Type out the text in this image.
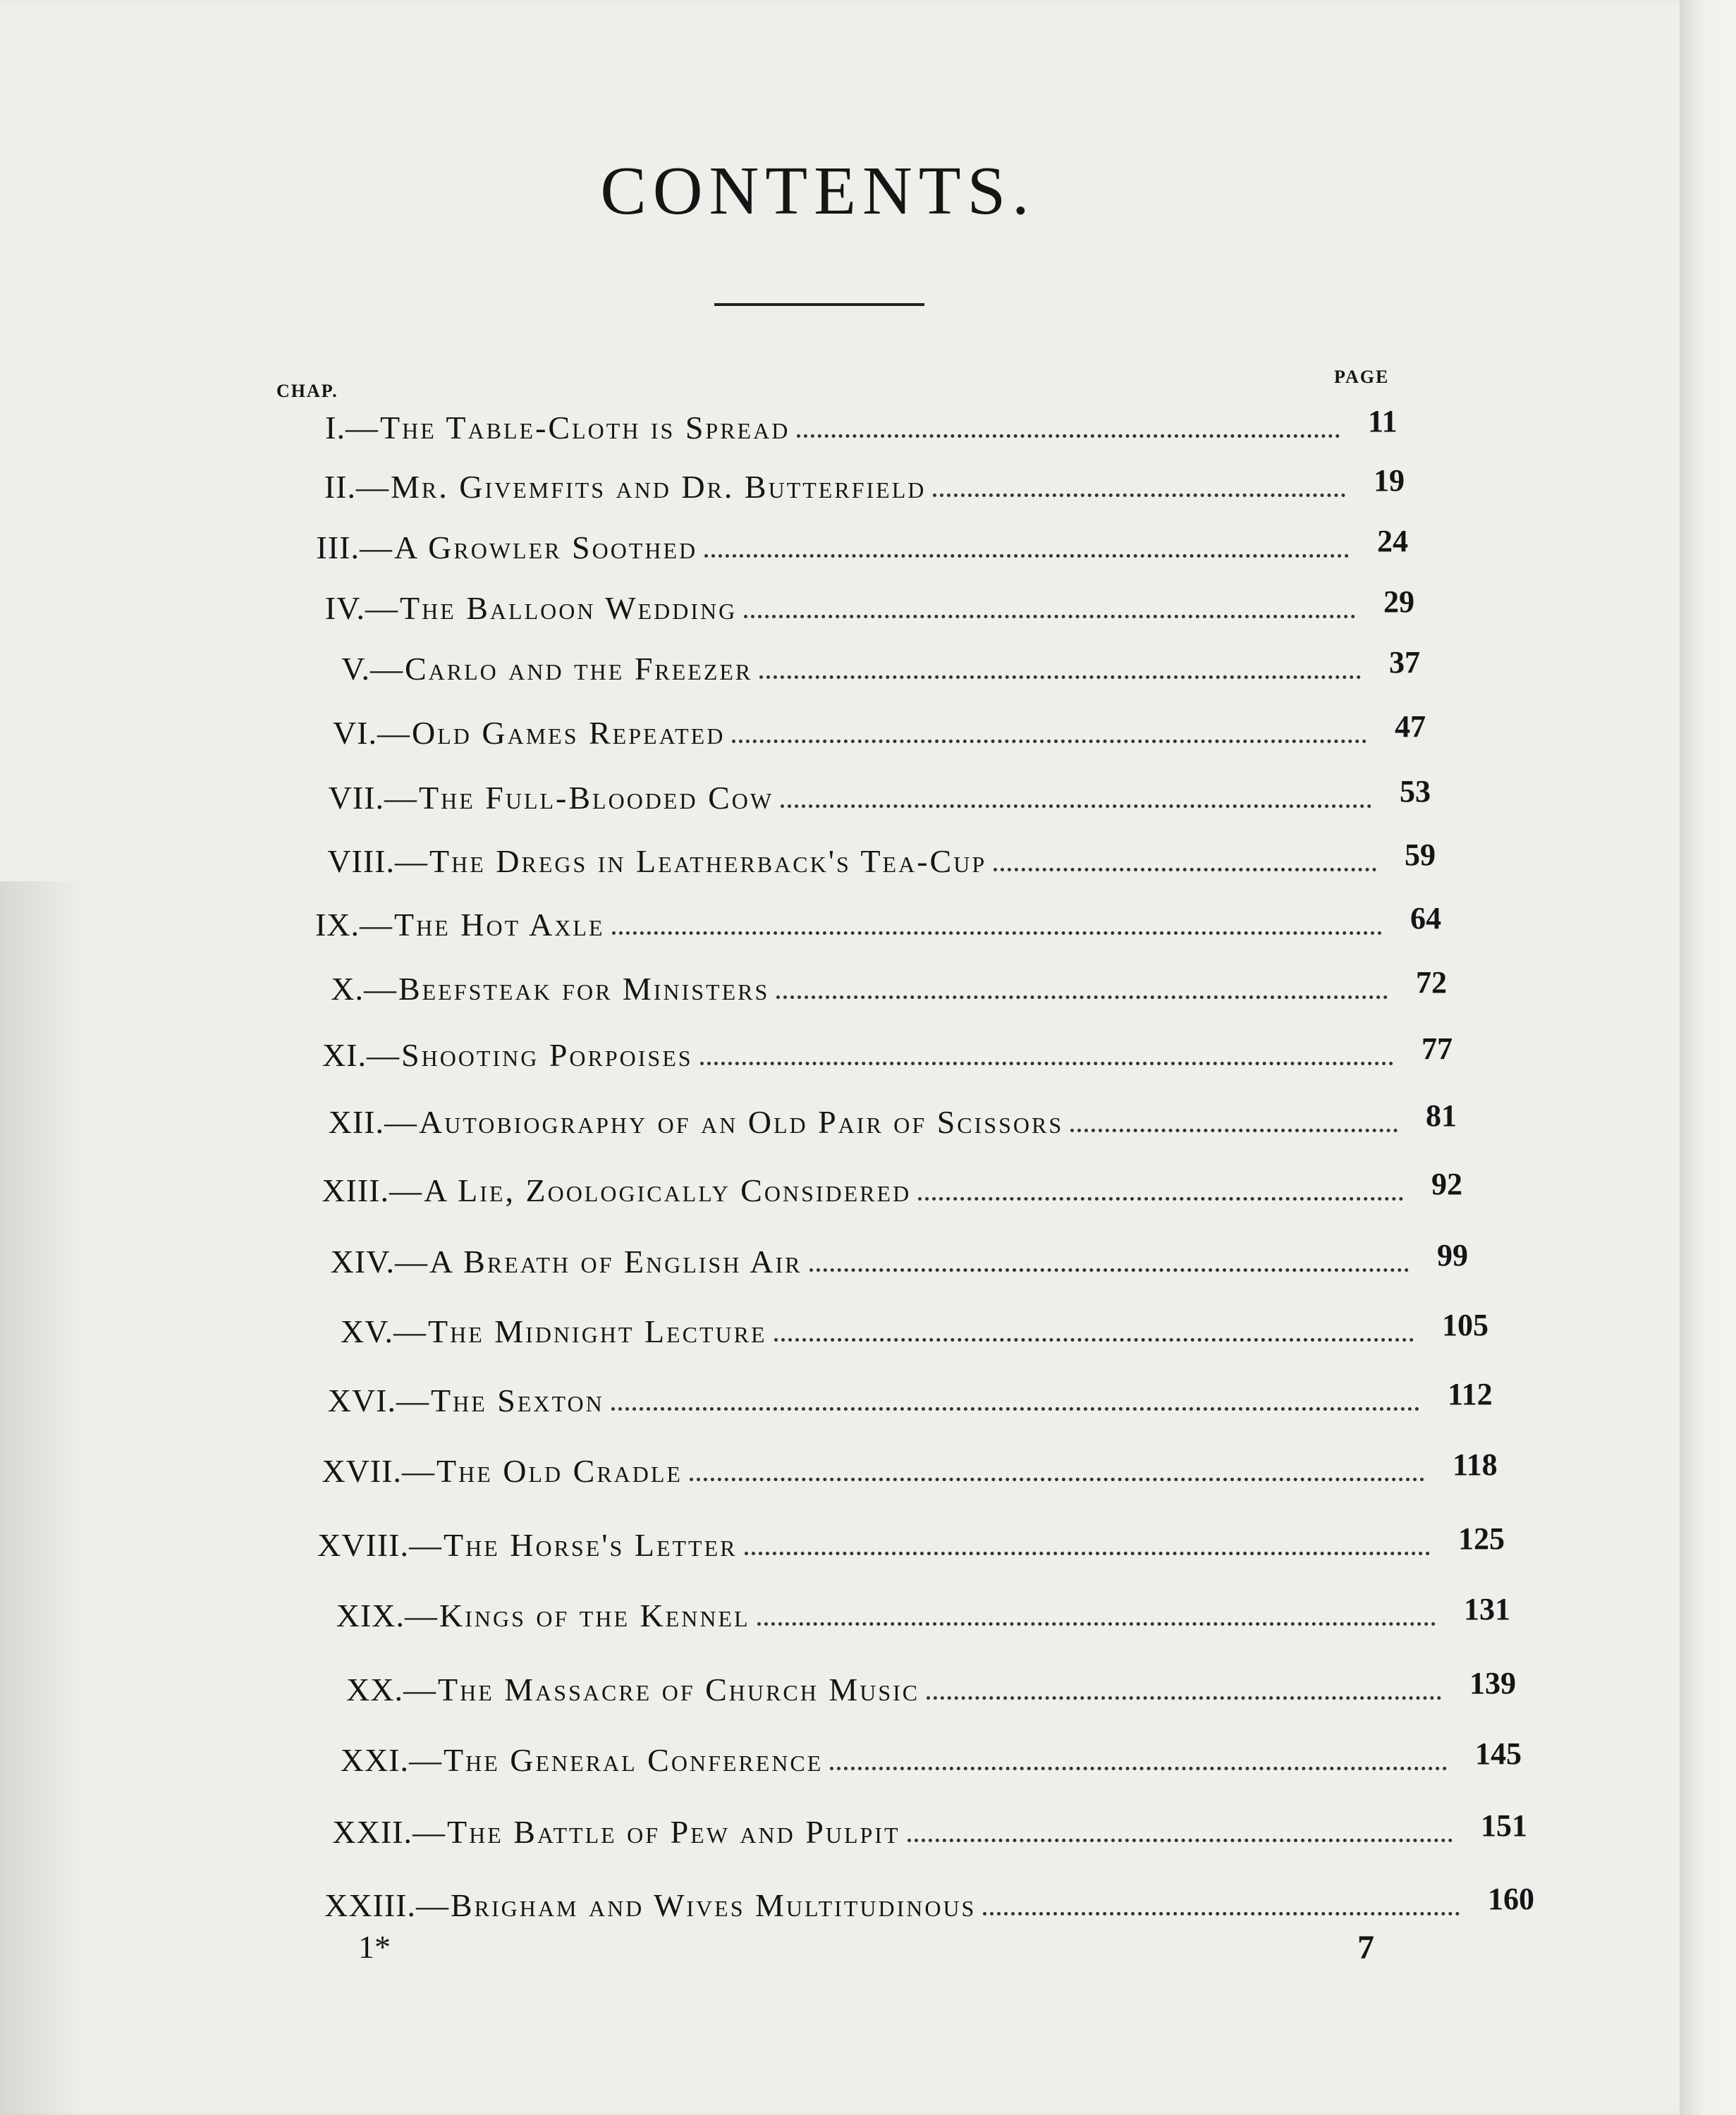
CONTENTS.
CHAP.
PAGE
I. —The Table-Cloth is Spread	11
II. —Mr. Givemfits and Dr. Butterfield	19
III. —A Growler Soothed	24
IV. —The Balloon Wedding	29
V. —Carlo and the Freezer	37
VI. —Old Games Repeated	47
VII. —The Full-Blooded Cow	53
VIII. —The Dregs in Leatherback's Tea-Cup	59
IX. —The Hot Axle	64
X. —Beefsteak for Ministers	72
XI. —Shooting Porpoises	77
XII. —Autobiography of an Old Pair of Scissors	81
XIII. —A Lie, Zoologically Considered	92
XIV. —A Breath of English Air	99
XV. —The Midnight Lecture	105
XVI. —The Sexton	112
XVII. —The Old Cradle	118
XVIII. —The Horse's Letter	125
XIX. —Kings of the Kennel	131
XX. —The Massacre of Church Music	139
XXI. —The General Conference	145
XXII. —The Battle of Pew and Pulpit	151
XXIII. —Brigham and Wives Multitudinous	160
1*	7
